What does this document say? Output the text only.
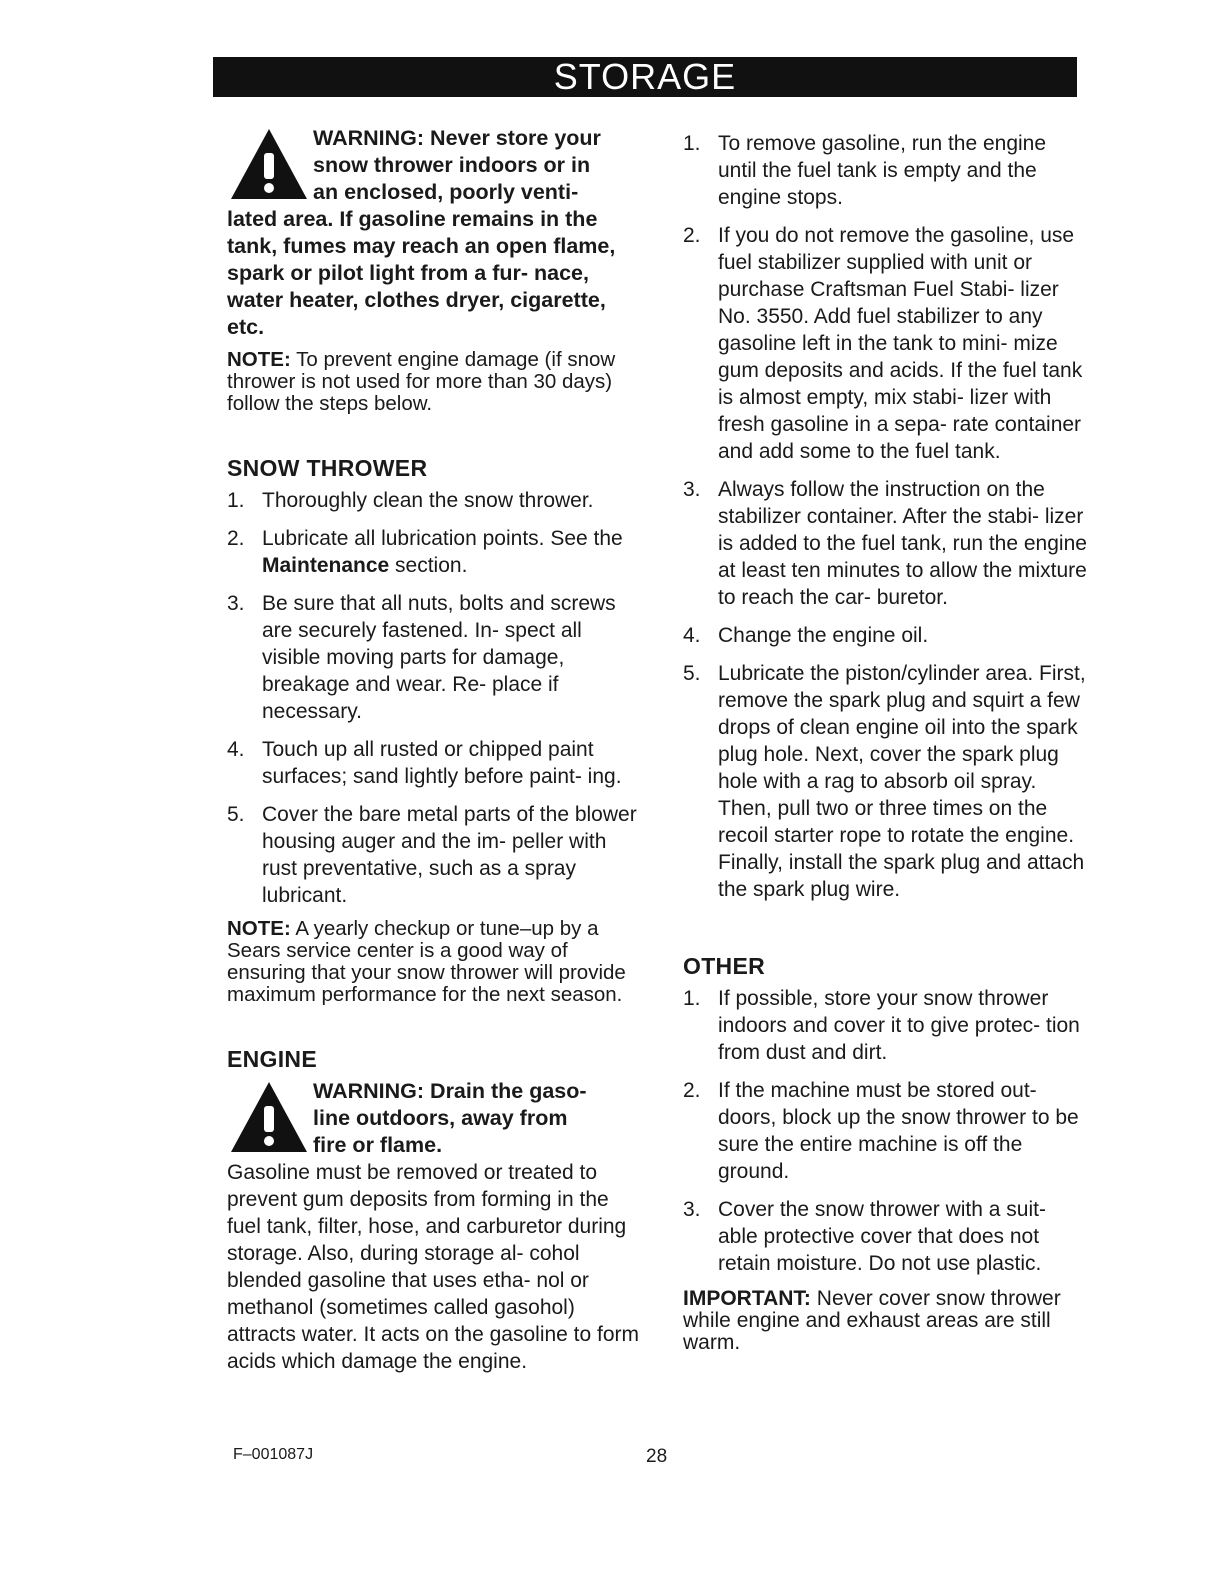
STORAGE
WARNING: Never store your
snow thrower indoors or in
an enclosed, poorly venti-
lated area. If gasoline remains in the tank, fumes may reach an open flame, spark or pilot light from a fur- nace, water heater, clothes dryer, cigarette, etc.
NOTE: To prevent engine damage (if snow thrower is not used for more than 30 days) follow the steps below.
SNOW THROWER
1. Thoroughly clean the snow thrower.
2. Lubricate all lubrication points. See the Maintenance section.
3. Be sure that all nuts, bolts and screws are securely fastened. In- spect all visible moving parts for damage, breakage and wear. Re- place if necessary.
4. Touch up all rusted or chipped paint surfaces; sand lightly before paint- ing.
5. Cover the bare metal parts of the blower housing auger and the im- peller with rust preventative, such as a spray lubricant.
NOTE: A yearly checkup or tune–up by a Sears service center is a good way of ensuring that your snow thrower will provide maximum performance for the next season.
ENGINE
WARNING: Drain the gaso-
line outdoors, away from
fire or flame.
Gasoline must be removed or treated to prevent gum deposits from forming in the fuel tank, filter, hose, and carburetor during storage. Also, during storage al- cohol blended gasoline that uses etha- nol or methanol (sometimes called gasohol) attracts water. It acts on the gasoline to form acids which damage the engine.
1. To remove gasoline, run the engine until the fuel tank is empty and the engine stops.
2. If you do not remove the gasoline, use fuel stabilizer supplied with unit or purchase Craftsman Fuel Stabi- lizer No. 3550. Add fuel stabilizer to any gasoline left in the tank to mini- mize gum deposits and acids. If the fuel tank is almost empty, mix stabi- lizer with fresh gasoline in a sepa- rate container and add some to the fuel tank.
3. Always follow the instruction on the stabilizer container. After the stabi- lizer is added to the fuel tank, run the engine at least ten minutes to allow the mixture to reach the car- buretor.
4. Change the engine oil.
5. Lubricate the piston/cylinder area. First, remove the spark plug and squirt a few drops of clean engine oil into the spark plug hole. Next, cover the spark plug hole with a rag to absorb oil spray. Then, pull two or three times on the recoil starter rope to rotate the engine. Finally, install the spark plug and attach the spark plug wire.
OTHER
1. If possible, store your snow thrower indoors and cover it to give protec- tion from dust and dirt.
2. If the machine must be stored out- doors, block up the snow thrower to be sure the entire machine is off the ground.
3. Cover the snow thrower with a suit- able protective cover that does not retain moisture. Do not use plastic.
IMPORTANT: Never cover snow thrower while engine and exhaust areas are still warm.
F–001087J	28
